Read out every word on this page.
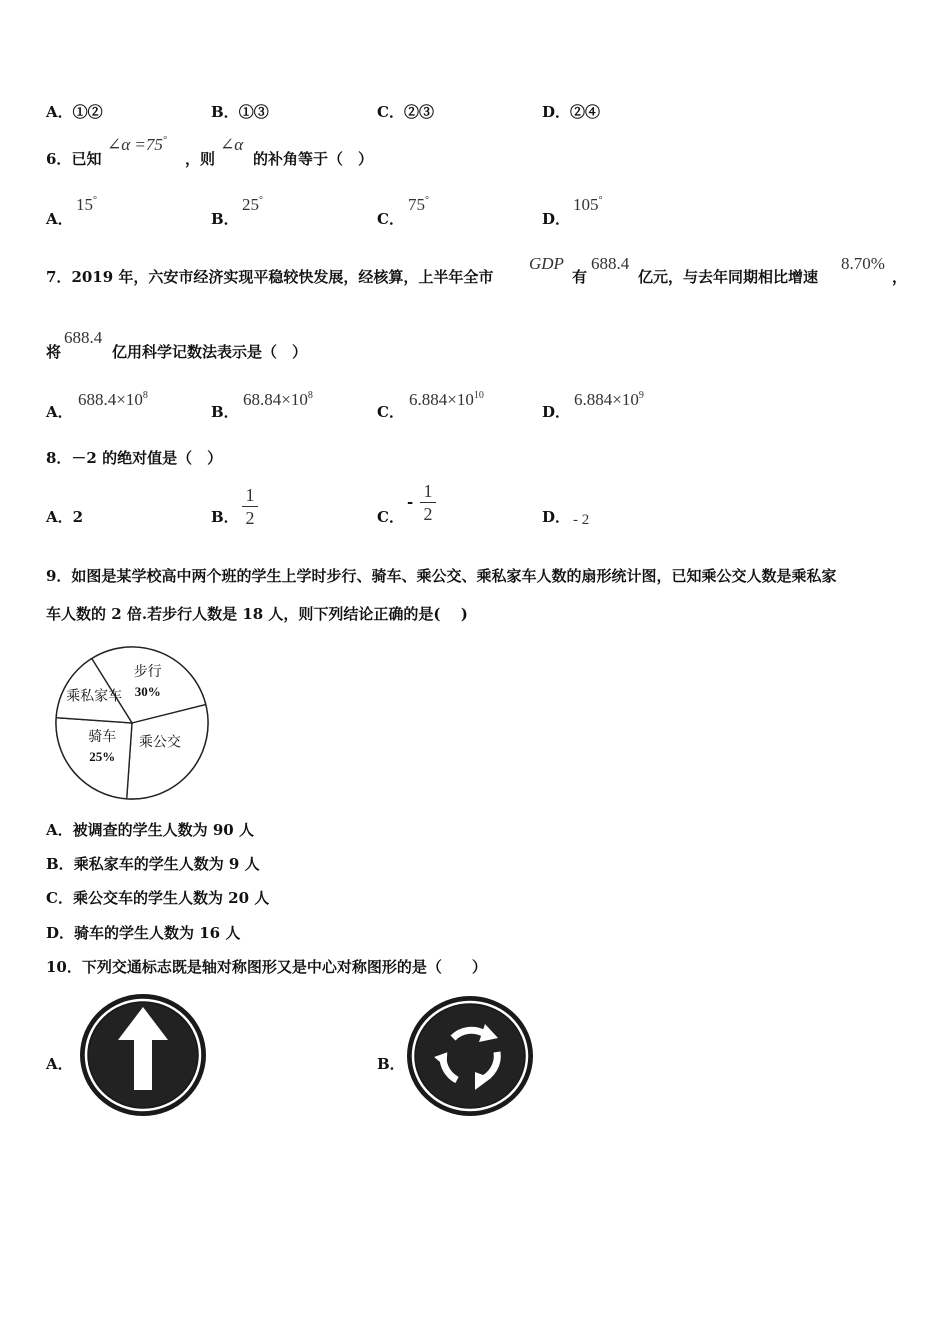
A．①②	B．①③	C．②③	D．②④
6．已知
∠α =75°
，则
∠α
的补角等于（　）
A．
15°
B．
25°
C．
75°
D．
105°
7．2019 年，六安市经济实现平稳较快发展，经核算，上半年全市
GDP
有
688.4
亿元，与去年同期相比增速
8.70%
，
将
688.4
亿用科学记数法表示是（　）
A．
$688.4\times 10^8$
B．
$68.84\times 10^8$
C．
$6.884\times 10^{10}$
D．
$6.884\times 10^9$
8．－2 的绝对值是（　）
A．2	B．
1
2	C．
-
1
2	D． - 2
9．如图是某学校高中两个班的学生上学时步行、骑车、乘公交、乘私家车人数的扇形统计图，已知乘公交人数是乘私家
车人数的 2 倍.若步行人数是 18 人，则下列结论正确的是(　 )
步行
30%
乘公交
骑车
25%
乘私家车
A．被调查的学生人数为 90 人
B．乘私家车的学生人数为 9 人
C．乘公交车的学生人数为 20 人
D．骑车的学生人数为 16 人
10．下列交通标志既是轴对称图形又是中心对称图形的是（　　）
A．	B．
